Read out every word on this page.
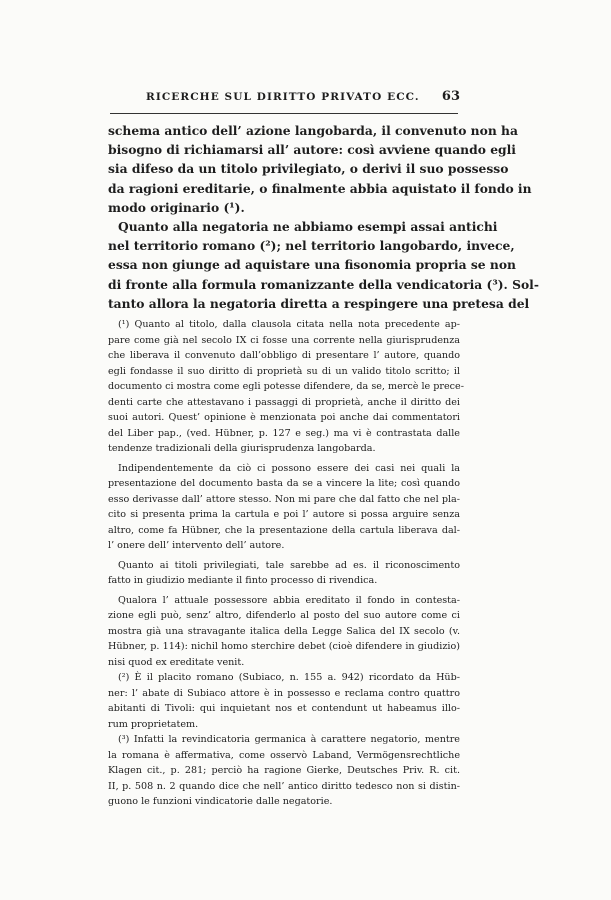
RICERCHE SUL DIRITTO PRIVATO ECC. 63
schema antico dell’ azione langobarda, il convenuto non ha
bisogno di richiamarsi all’ autore: così avviene quando egli
sia difeso da un titolo privilegiato, o derivi il suo possesso
da ragioni ereditarie, o finalmente abbia aquistato il fondo in
modo originario (¹).
Quanto alla negatoria ne abbiamo esempi assai antichi
nel territorio romano (²); nel territorio langobardo, invece,
essa non giunge ad aquistare una fisonomia propria se non
di fronte alla formula romanizzante della vendicatoria (³). Sol-
tanto allora la negatoria diretta a respingere una pretesa del
(¹) Quanto al titolo, dalla clausola citata nella nota precedente ap-
pare come già nel secolo IX ci fosse una corrente nella giurisprudenza
che liberava il convenuto dall’obbligo di presentare l’ autore, quando
egli fondasse il suo diritto di proprietà su di un valido titolo scritto; il
documento ci mostra come egli potesse difendere, da se, mercè le prece-
denti carte che attestavano i passaggi di proprietà, anche il diritto dei
suoi autori. Quest’ opinione è menzionata poi anche dai commentatori
del Liber pap., (ved. Hübner, p. 127 e seg.) ma vi è contrastata dalle
tendenze tradizionali della giurisprudenza langobarda.
Indipendentemente da ciò ci possono essere dei casi nei quali la
presentazione del documento basta da se a vincere la lite; così quando
esso derivasse dall’ attore stesso. Non mi pare che dal fatto che nel pla-
cito si presenta prima la cartula e poi l’ autore si possa arguire senza
altro, come fa Hübner, che la presentazione della cartula liberava dal-
l’ onere dell’ intervento dell’ autore.
Quanto ai titoli privilegiati, tale sarebbe ad es. il riconoscimento
fatto in giudizio mediante il finto processo di rivendica.
Qualora l’ attuale possessore abbia ereditato il fondo in contesta-
zione egli può, senz’ altro, difenderlo al posto del suo autore come ci
mostra già una stravagante italica della Legge Salica del IX secolo (v.
Hübner, p. 114): nichil homo sterchire debet (cioè difendere in giudizio)
nisi quod ex ereditate venit.
(²) È il placito romano (Subiaco, n. 155 a. 942) ricordato da Hüb-
ner: l’ abate di Subiaco attore è in possesso e reclama contro quattro
abitanti di Tivoli: qui inquietant nos et contendunt ut habeamus illo-
rum proprietatem.
(³) Infatti la revindicatoria germanica à carattere negatorio, mentre
la romana è affermativa, come osservò Laband, Vermögensrechtliche
Klagen cit., p. 281; perciò ha ragione Gierke, Deutsches Priv. R. cit.
II, p. 508 n. 2 quando dice che nell’ antico diritto tedesco non si distin-
guono le funzioni vindicatorie dalle negatorie.
